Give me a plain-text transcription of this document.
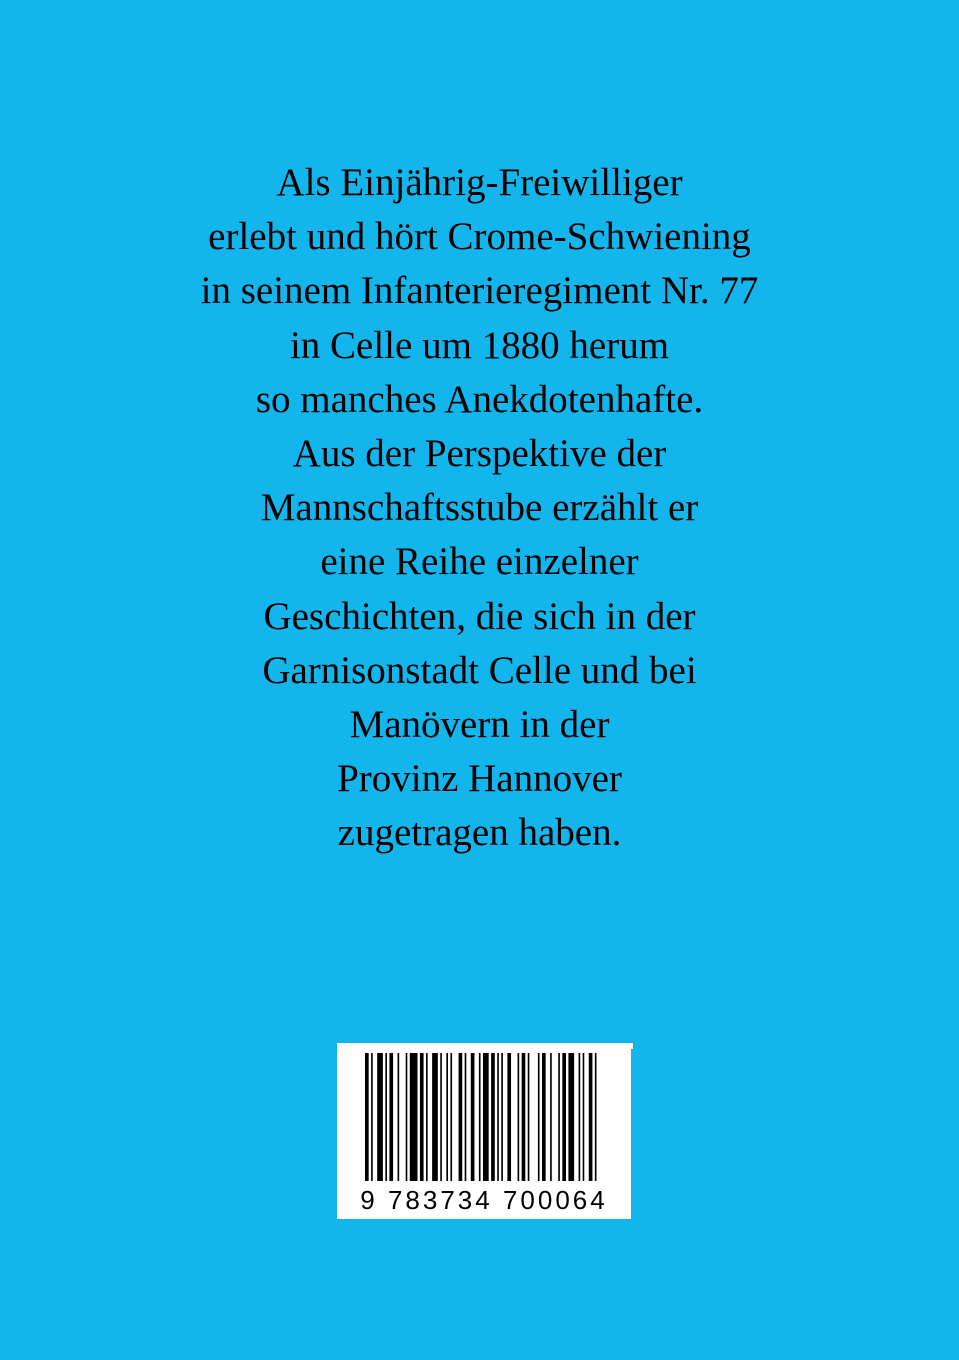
Als Einjährig-Freiwilliger
erlebt und hört Crome-Schwiening
in seinem Infanterieregiment Nr. 77
in Celle um 1880 herum
so manches Anekdotenhafte.
Aus der Perspektive der
Mannschaftsstube erzählt er
eine Reihe einzelner
Geschichten, die sich in der
Garnisonstadt Celle und bei
Manövern in der
Provinz Hannover
zugetragen haben.
9 783734 700064
